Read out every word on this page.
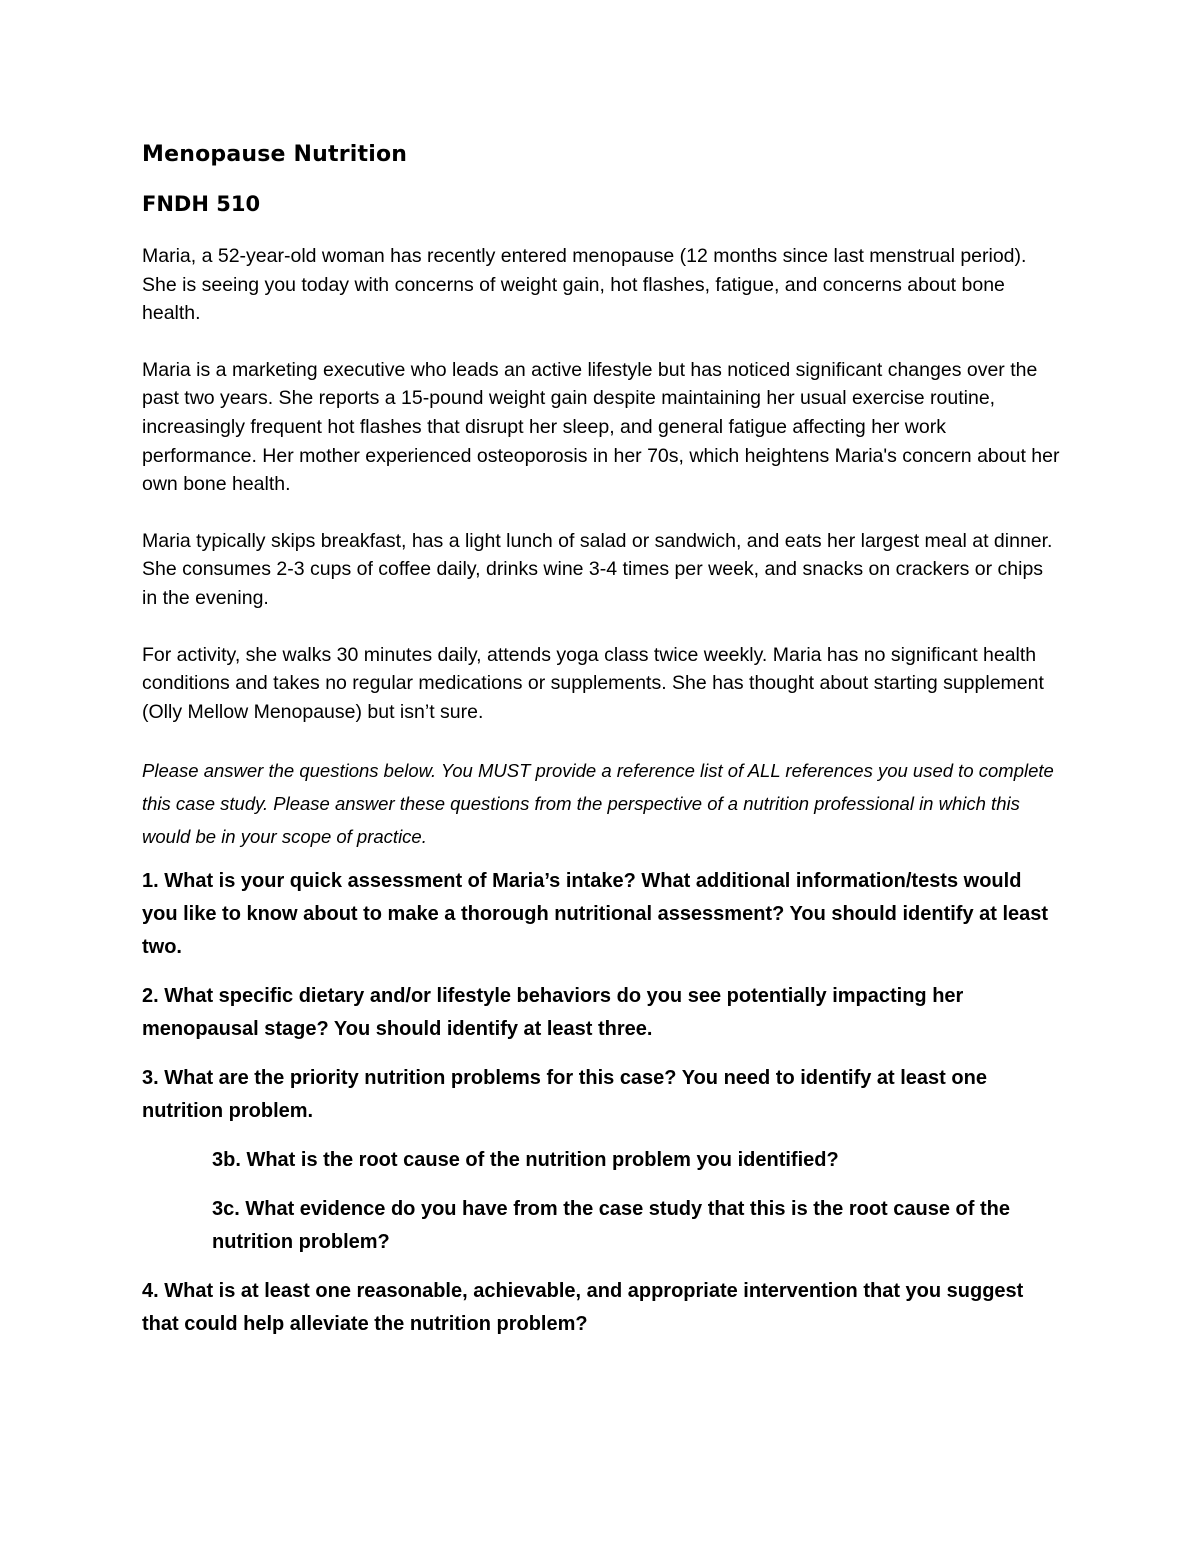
Menopause Nutrition
FNDH 510

Maria, a 52-year-old woman has recently entered menopause (12 months since last menstrual period). She is seeing you today with concerns of weight gain, hot flashes, fatigue, and concerns about bone health.

Maria is a marketing executive who leads an active lifestyle but has noticed significant changes over the past two years. She reports a 15-pound weight gain despite maintaining her usual exercise routine, increasingly frequent hot flashes that disrupt her sleep, and general fatigue affecting her work performance. Her mother experienced osteoporosis in her 70s, which heightens Maria's concern about her own bone health.

Maria typically skips breakfast, has a light lunch of salad or sandwich, and eats her largest meal at dinner. She consumes 2-3 cups of coffee daily, drinks wine 3-4 times per week, and snacks on crackers or chips in the evening.

For activity, she walks 30 minutes daily, attends yoga class twice weekly. Maria has no significant health conditions and takes no regular medications or supplements. She has thought about starting supplement (Olly Mellow Menopause) but isn’t sure.

Please answer the questions below. You MUST provide a reference list of ALL references you used to complete this case study. Please answer these questions from the perspective of a nutrition professional in which this would be in your scope of practice.

1. What is your quick assessment of Maria’s intake? What additional information/tests would you like to know about to make a thorough nutritional assessment? You should identify at least two.

2. What specific dietary and/or lifestyle behaviors do you see potentially impacting her menopausal stage? You should identify at least three.

3. What are the priority nutrition problems for this case? You need to identify at least one nutrition problem.

3b. What is the root cause of the nutrition problem you identified?

3c. What evidence do you have from the case study that this is the root cause of the nutrition problem?

4. What is at least one reasonable, achievable, and appropriate intervention that you suggest that could help alleviate the nutrition problem?
